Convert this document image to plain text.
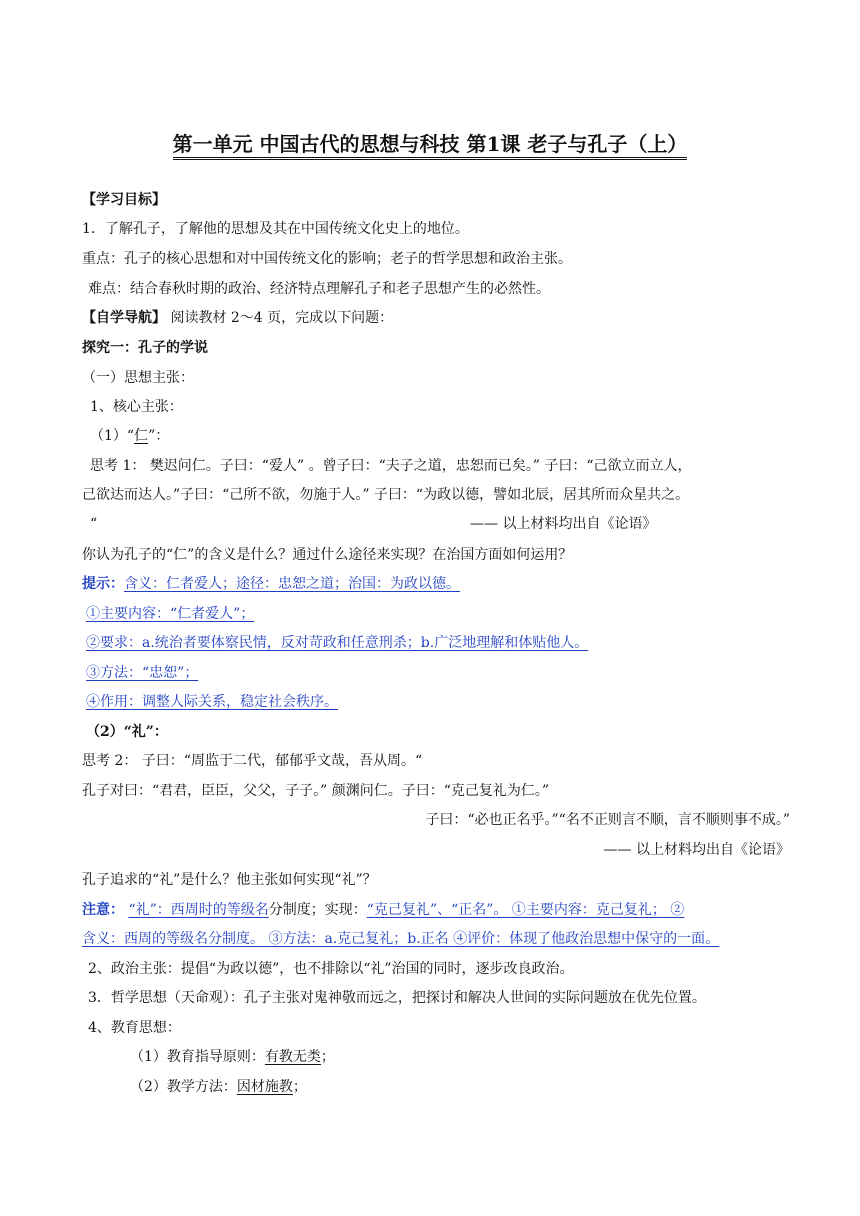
第一单元 中国古代的思想与科技 第1课 老子与孔子（上）
【学习目标】
1．了解孔子，了解他的思想及其在中国传统文化史上的地位。
重点：孔子的核心思想和对中国传统文化的影响；老子的哲学思想和政治主张。
难点：结合春秋时期的政治、经济特点理解孔子和老子思想产生的必然性。
【自学导航】 阅读教材 2～4 页，完成以下问题：
探究一：孔子的学说
（一）思想主张：
1、核心主张：
（1）“仁”：
思考 1： 樊迟问仁。子曰：“爱人” 。曾子曰：“夫子之道，忠恕而已矣。” 子曰：“己欲立而立人，
己欲达而达人。”子曰：“己所不欲，勿施于人。” 子曰：“为政以德，譬如北辰，居其所而众星共之。
“	—— 以上材料均出自《论语》
你认为孔子的“仁”的含义是什么？通过什么途径来实现？在治国方面如何运用？
提示：含义：仁者爱人；途径：忠恕之道；治国：为政以德。
①主要内容：“仁者爱人”；
②要求：a.统治者要体察民情，反对苛政和任意刑杀；b.广泛地理解和体贴他人。
③方法：“忠恕”；
④作用：调整人际关系，稳定社会秩序。
（2）“礼”：
思考 2： 子曰：“周监于二代，郁郁乎文哉，吾从周。“
孔子对曰：“君君，臣臣，父父，子子。” 颜渊问仁。子曰：“克己复礼为仁。”
子曰：“必也正名乎。”“名不正则言不顺，言不顺则事不成。”
—— 以上材料均出自《论语》
孔子追求的“礼”是什么？他主张如何实现“礼”？
注意： “礼”：西周时的等级名分制度；实现：“克己复礼”、“正名”。 ①主要内容：克己复礼； ②
含义：西周的等级名分制度。 ③方法：a.克己复礼；b.正名 ④评价：体现了他政治思想中保守的一面。
2、政治主张：提倡“为政以德”，也不排除以“礼”治国的同时，逐步改良政治。
3．哲学思想（天命观）：孔子主张对鬼神敬而远之，把探讨和解决人世间的实际问题放在优先位置。
4、教育思想：
（1）教育指导原则：有教无类；
（2）教学方法：因材施教；
